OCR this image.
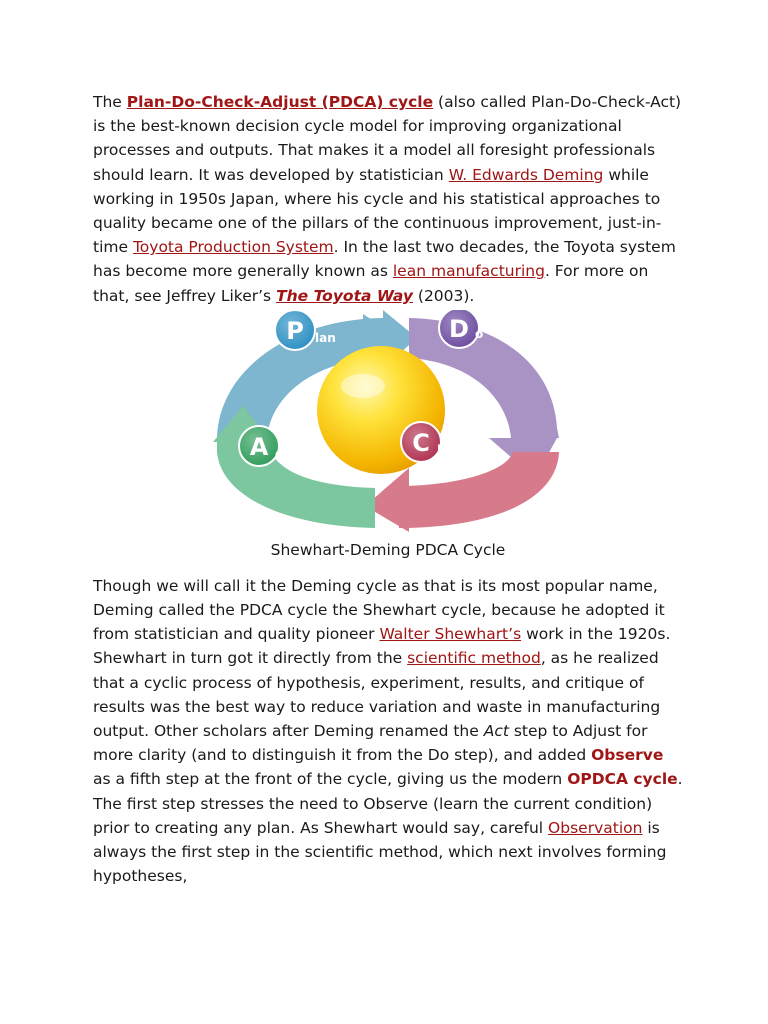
The Plan-Do-Check-Adjust (PDCA) cycle (also called Plan-Do-Check-Act) is the best-known decision cycle model for improving organizational processes and outputs. That makes it a model all foresight professionals should learn. It was developed by statistician W. Edwards Deming while working in 1950s Japan, where his cycle and his statistical approaches to quality became one of the pillars of the continuous improvement, just-in-time Toyota Production System. In the last two decades, the Toyota system has become more generally known as lean manufacturing. For more on that, see Jeffrey Liker’s The Toyota Way (2003).

P lan	D o
C heck
A ct
Shewhart-Deming PDCA Cycle

Though we will call it the Deming cycle as that is its most popular name, Deming called the PDCA cycle the Shewhart cycle, because he adopted it from statistician and quality pioneer Walter Shewhart’s work in the 1920s. Shewhart in turn got it directly from the scientific method, as he realized that a cyclic process of hypothesis, experiment, results, and critique of results was the best way to reduce variation and waste in manufacturing output. Other scholars after Deming renamed the Act step to Adjust for more clarity (and to distinguish it from the Do step), and added Observe as a fifth step at the front of the cycle, giving us the modern OPDCA cycle. The first step stresses the need to Observe (learn the current condition) prior to creating any plan. As Shewhart would say, careful Observation is always the first step in the scientific method, which next involves forming hypotheses,
